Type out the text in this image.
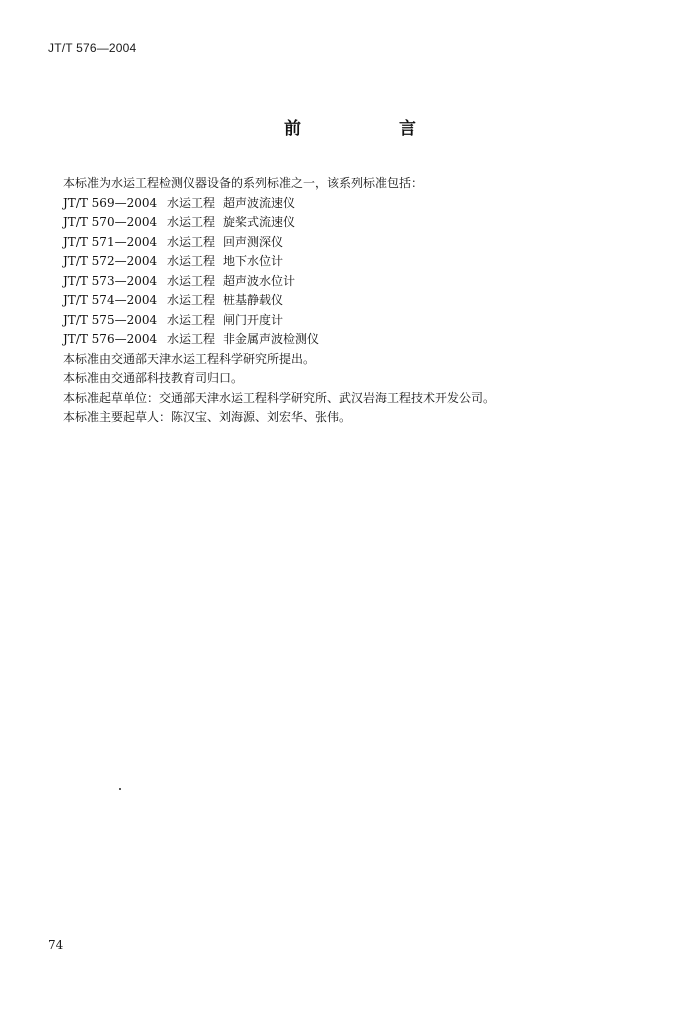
JT/T 576—2004
前 言
本标准为水运工程检测仪器设备的系列标准之一，该系列标准包括：
JT/T 569—2004 水运工程 超声波流速仪
JT/T 570—2004 水运工程 旋桨式流速仪
JT/T 571—2004 水运工程 回声测深仪
JT/T 572—2004 水运工程 地下水位计
JT/T 573—2004 水运工程 超声波水位计
JT/T 574—2004 水运工程 桩基静载仪
JT/T 575—2004 水运工程 闸门开度计
JT/T 576—2004 水运工程 非金属声波检测仪
本标准由交通部天津水运工程科学研究所提出。
本标准由交通部科技教育司归口。
本标准起草单位：交通部天津水运工程科学研究所、武汉岩海工程技术开发公司。
本标准主要起草人：陈汉宝、刘海源、刘宏华、张伟。
74
